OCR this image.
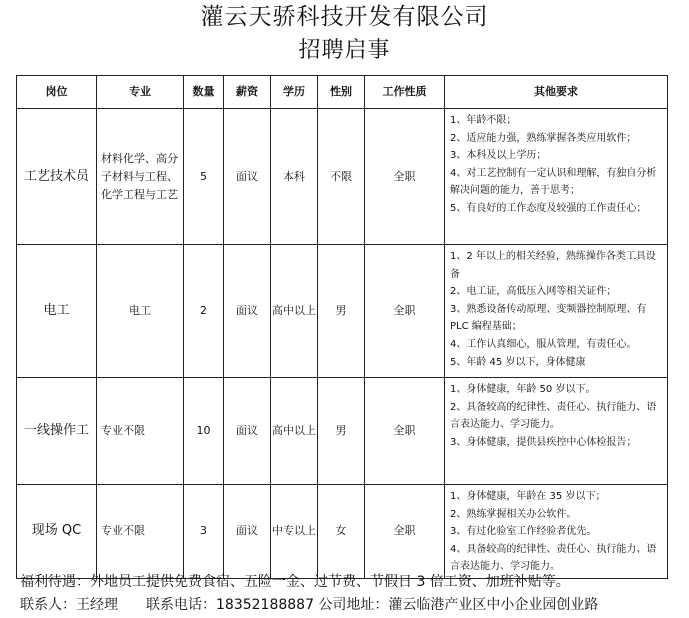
灌云天骄科技开发有限公司
招聘启事
岗位	专业	数量	薪资	学历	性别	工作性质	其他要求
工艺技术员	材料化学、高分子材料与工程、化学工程与工艺	5	面议	本科	不限	全职	1、年龄不限；
2、适应能力强，熟练掌握各类应用软件；
3、本科及以上学历；
4、对工艺控制有一定认识和理解，有独自分析解决问题的能力，善于思考；
5、有良好的工作态度及较强的工作责任心；

电工	电工	2	面议	高中以上	男	全职	1、2 年以上的相关经验，熟练操作各类工具设备
2、电工证，高低压入网等相关证件；
3、熟悉设备传动原理、变频器控制原理、有 PLC 编程基础；
4、工作认真细心，服从管理，有责任心。
5、年龄 45 岁以下，身体健康

一线操作工	专业不限	10	面议	高中以上	男	全职	1、身体健康，年龄 50 岁以下。
2、具备较高的纪律性、责任心、执行能力、语言表达能力、学习能力。
3、身体健康，提供县疾控中心体检报告；

现场 QC	专业不限	3	面议	中专以上	女	全职	1、身体健康，年龄在 35 岁以下；
2、熟练掌握相关办公软件。
3、有过化验室工作经验者优先。
4、具备较高的纪律性、责任心、执行能力、语言表达能力、学习能力。
福利待遇：外地员工提供免费食宿、五险一金、过节费、节假日 3 倍工资、加班补贴等。
联系人：王经理 联系电话：18352188887 公司地址：灌云临港产业区中小企业园创业路
